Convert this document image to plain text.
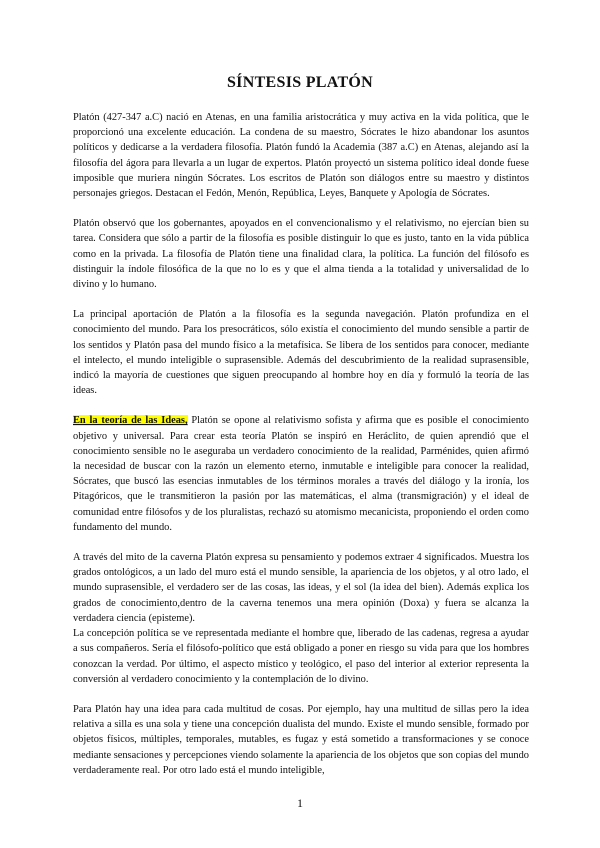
SÍNTESIS PLATÓN

Platón (427-347 a.C) nació en Atenas, en una familia aristocrática y muy activa en la vida política, que le proporcionó una excelente educación. La condena de su maestro, Sócrates le hizo abandonar los asuntos políticos y dedicarse a la verdadera filosofía. Platón fundó la Academia (387 a.C) en Atenas, alejando así la filosofía del ágora para llevarla a un lugar de expertos. Platón proyectó un sistema político ideal donde fuese imposible que muriera ningún Sócrates. Los escritos de Platón son diálogos entre su maestro y distintos personajes griegos. Destacan el Fedón, Menón, República, Leyes, Banquete y Apología de Sócrates.

Platón observó que los gobernantes, apoyados en el convencionalismo y el relativismo, no ejercían bien su tarea. Considera que sólo a partir de la filosofía es posible distinguir lo que es justo, tanto en la vida pública como en la privada. La filosofía de Platón tiene una finalidad clara, la política. La función del filósofo es distinguir la índole filosófica de la que no lo es y que el alma tienda a la totalidad y universalidad de lo divino y lo humano.

La principal aportación de Platón a la filosofía es la segunda navegación. Platón profundiza en el conocimiento del mundo. Para los presocráticos, sólo existía el conocimiento del mundo sensible a partir de los sentidos y Platón pasa del mundo físico a la metafísica. Se libera de los sentidos para conocer, mediante el intelecto, el mundo inteligible o suprasensible. Además del descubrimiento de la realidad suprasensible, indicó la mayoría de cuestiones que siguen preocupando al hombre hoy en día y formuló la teoría de las ideas.

En la teoría de las Ideas, Platón se opone al relativismo sofista y afirma que es posible el conocimiento objetivo y universal. Para crear esta teoría Platón se inspiró en Heráclito, de quien aprendió que el conocimiento sensible no le aseguraba un verdadero conocimiento de la realidad, Parménides, quien afirmó la necesidad de buscar con la razón un elemento eterno, inmutable e inteligible para conocer la realidad, Sócrates, que buscó las esencias inmutables de los términos morales a través del diálogo y la ironía, los Pitagóricos, que le transmitieron la pasión por las matemáticas, el alma (transmigración) y el ideal de comunidad entre filósofos y de los pluralistas, rechazó su atomismo mecanicista, proponiendo el orden como fundamento del mundo.

A través del mito de la caverna Platón expresa su pensamiento y podemos extraer 4 significados. Muestra los grados ontológicos, a un lado del muro está el mundo sensible, la apariencia de los objetos, y al otro lado, el mundo suprasensible, el verdadero ser de las cosas, las ideas, y el sol (la idea del bien). Además explica los grados de conocimiento,dentro de la caverna tenemos una mera opinión (Doxa) y fuera se alcanza la verdadera ciencia (episteme).

La concepción política se ve representada mediante el hombre que, liberado de las cadenas, regresa a ayudar a sus compañeros. Sería el filósofo-político que está obligado a poner en riesgo su vida para que los hombres conozcan la verdad. Por último, el aspecto místico y teológico, el paso del interior al exterior representa la conversión al verdadero conocimiento y la contemplación de lo divino.

Para Platón hay una idea para cada multitud de cosas. Por ejemplo, hay una multitud de sillas pero la idea relativa a silla es una sola y tiene una concepción dualista del mundo. Existe el mundo sensible, formado por objetos físicos, múltiples, temporales, mutables, es fugaz y está sometido a transformaciones y se conoce mediante sensaciones y percepciones viendo solamente la apariencia de los objetos que son copias del mundo verdaderamente real. Por otro lado está el mundo inteligible,

1
